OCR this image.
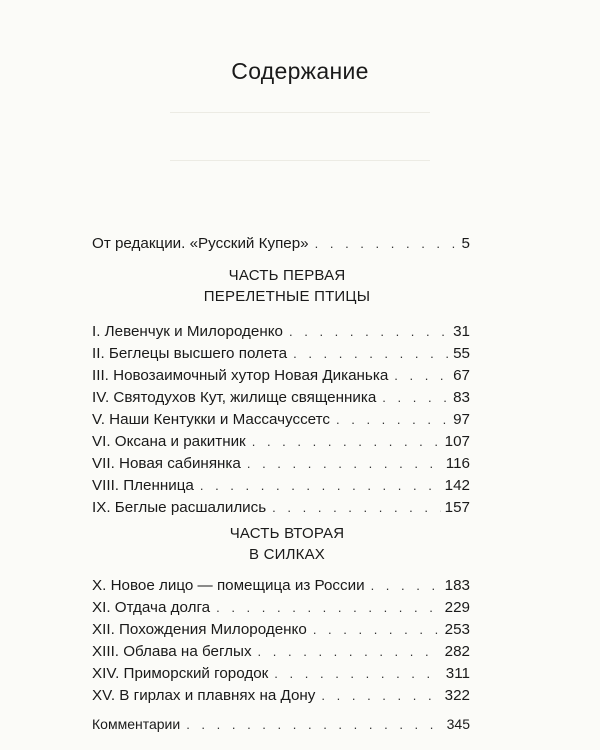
Содержание
От редакции. «Русский Купер» . . .	5
ЧАСТЬ ПЕРВАЯ
ПЕРЕЛЕТНЫЕ ПТИЦЫ
I. Левенчук и Милороденко . . .	31
II. Беглецы высшего полета . . .	55
III. Новозаимочный хутор Новая Диканька . . .	67
IV. Святодухов Кут, жилище священника . . .	83
V. Наши Кентукки и Массачуссетс . . .	97
VI. Оксана и ракитник . . .	107
VII. Новая сабинянка . . .	116
VIII. Пленница . . .	142
IX. Беглые расшалились . . .	157
ЧАСТЬ ВТОРАЯ
В СИЛКАХ
X. Новое лицо — помещица из России . . .	183
XI. Отдача долга . . .	229
XII. Похождения Милороденко . . .	253
XIII. Облава на беглых . . .	282
XIV. Приморский городок . . .	311
XV. В гирлах и плавнях на Дону . . .	322
Комментарии . . .	345
